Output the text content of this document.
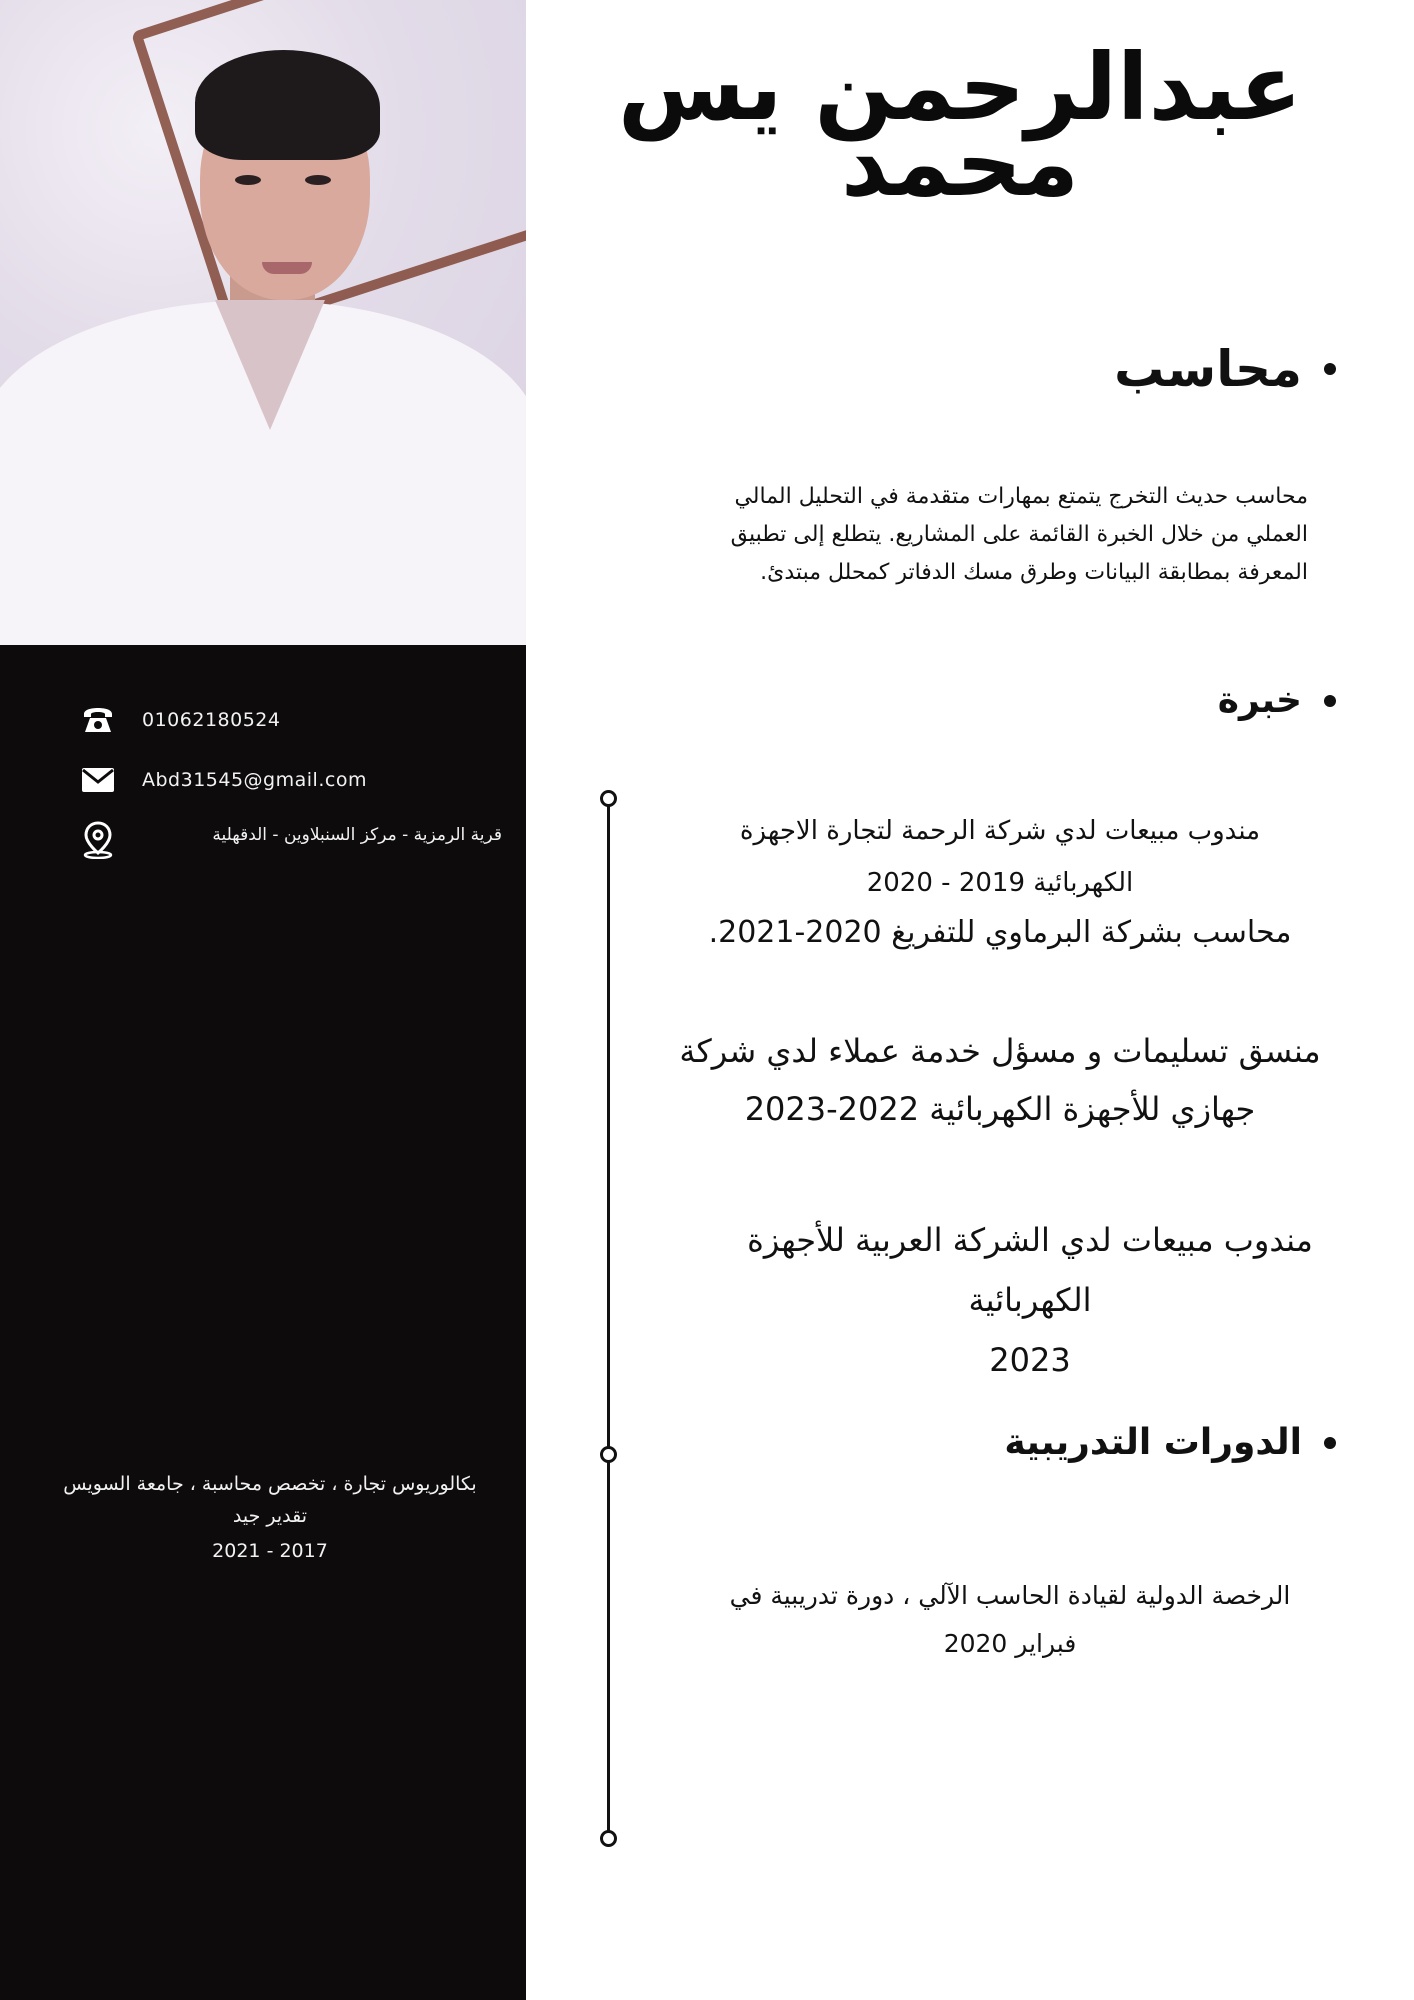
01062180524
Abd31545@gmail.com
قرية الرمزية - مركز السنبلاوين - الدقهلية
بكالوريوس تجارة ، تخصص محاسبة ، جامعة السويس
تقدير جيد
2017 - 2021
عبدالرحمن يس
محمد
محاسب
محاسب حديث التخرج يتمتع بمهارات متقدمة في التحليل المالي
العملي من خلال الخبرة القائمة على المشاريع. يتطلع إلى تطبيق
المعرفة بمطابقة البيانات وطرق مسك الدفاتر كمحلل مبتدئ.
خبرة
مندوب مبيعات لدي شركة الرحمة لتجارة الاجهزة
الكهربائية 2019 - 2020
محاسب بشركة البرماوي للتفريغ 2020-2021.
منسق تسليمات و مسؤل خدمة عملاء لدي شركة
جهازي للأجهزة الكهربائية 2022-2023
مندوب مبيعات لدي الشركة العربية للأجهزة
الكهربائية
2023
الدورات التدريبية
الرخصة الدولية لقيادة الحاسب الآلي ، دورة تدريبية في
فبراير 2020
